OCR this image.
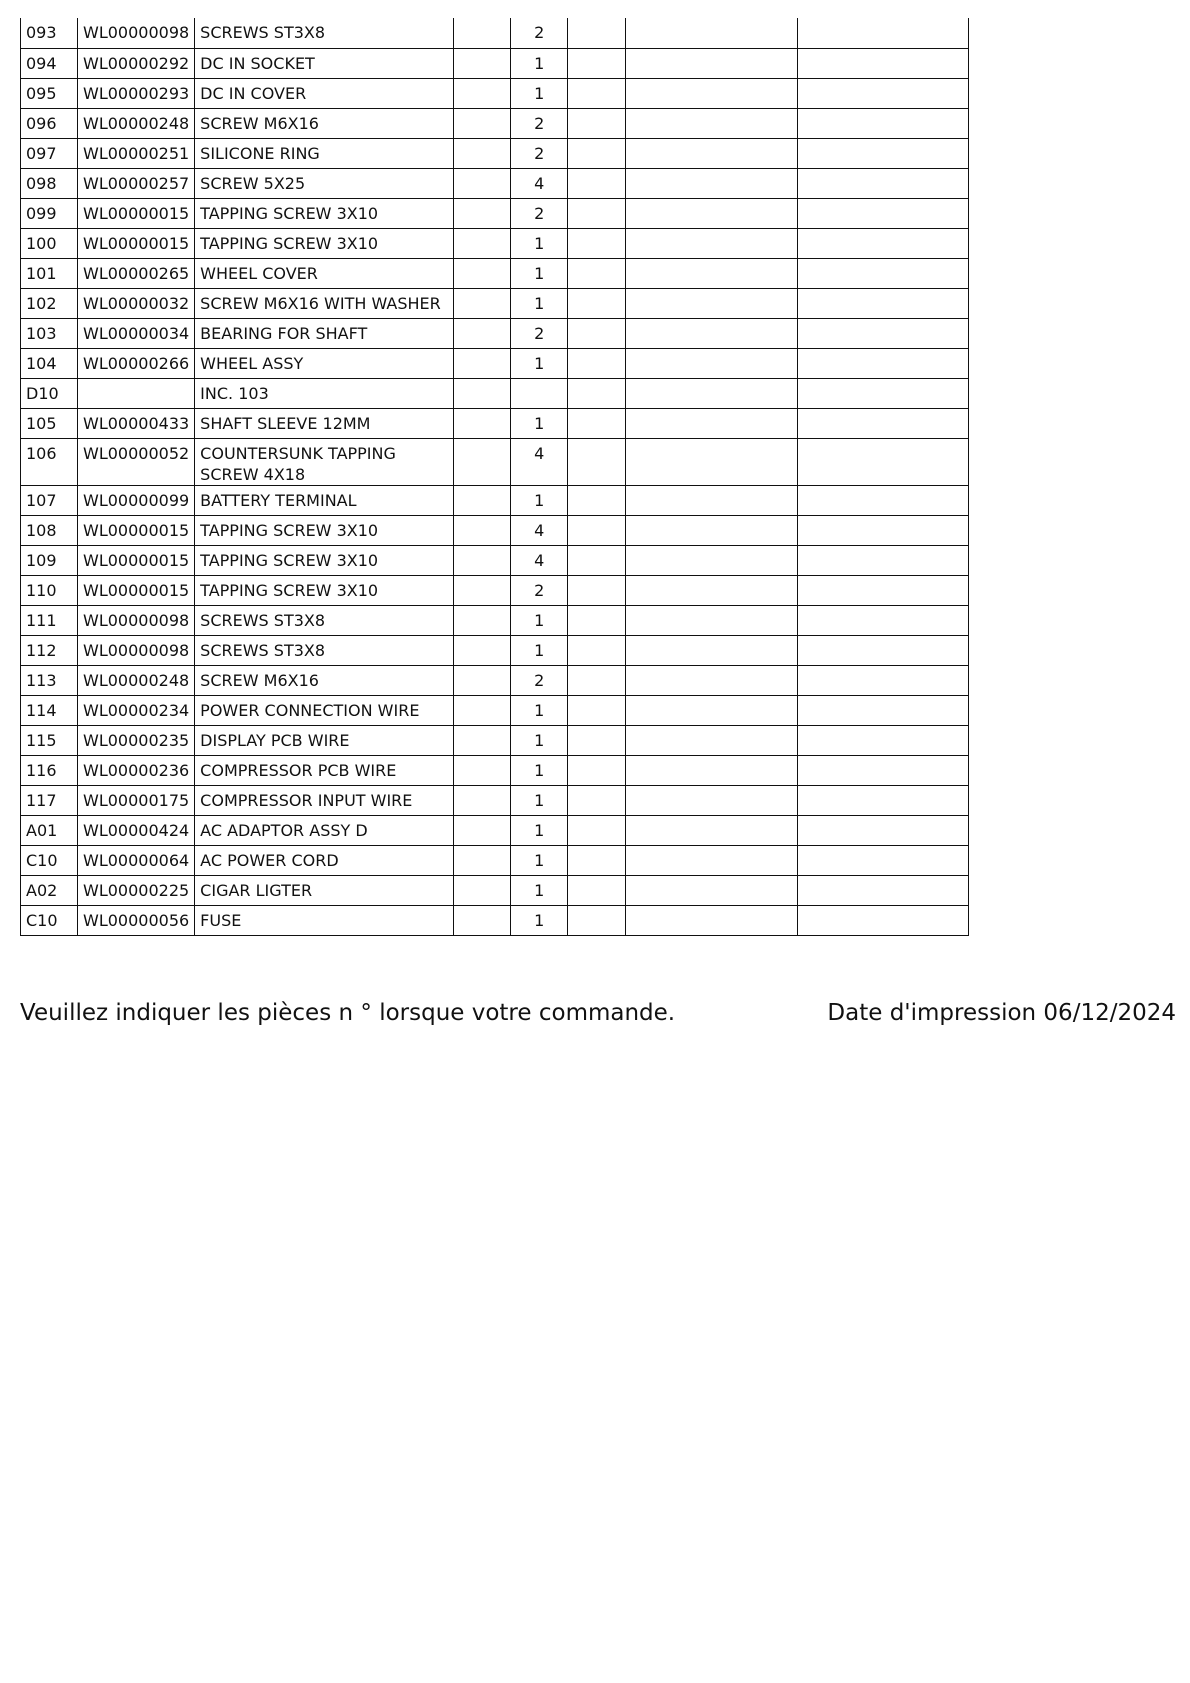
093	WL00000098	SCREWS ST3X8		2			
094	WL00000292	DC IN SOCKET		1			
095	WL00000293	DC IN COVER		1			
096	WL00000248	SCREW M6X16		2			
097	WL00000251	SILICONE RING		2			
098	WL00000257	SCREW 5X25		4			
099	WL00000015	TAPPING SCREW 3X10		2			
100	WL00000015	TAPPING SCREW 3X10		1			
101	WL00000265	WHEEL COVER		1			
102	WL00000032	SCREW M6X16 WITH WASHER		1			
103	WL00000034	BEARING FOR SHAFT		2			
104	WL00000266	WHEEL ASSY		1			
D10		INC. 103					
105	WL00000433	SHAFT SLEEVE 12MM		1			
106	WL00000052	COUNTERSUNK TAPPING SCREW 4X18		4			
107	WL00000099	BATTERY TERMINAL		1			
108	WL00000015	TAPPING SCREW 3X10		4			
109	WL00000015	TAPPING SCREW 3X10		4			
110	WL00000015	TAPPING SCREW 3X10		2			
111	WL00000098	SCREWS ST3X8		1			
112	WL00000098	SCREWS ST3X8		1			
113	WL00000248	SCREW M6X16		2			
114	WL00000234	POWER CONNECTION WIRE		1			
115	WL00000235	DISPLAY PCB WIRE		1			
116	WL00000236	COMPRESSOR PCB WIRE		1			
117	WL00000175	COMPRESSOR INPUT WIRE		1			
A01	WL00000424	AC ADAPTOR ASSY D		1			
C10	WL00000064	AC POWER CORD		1			
A02	WL00000225	CIGAR LIGTER		1			
C10	WL00000056	FUSE		1			
Veuillez indiquer les pièces n ° lorsque votre commande.	Date d'impression 06/12/2024
